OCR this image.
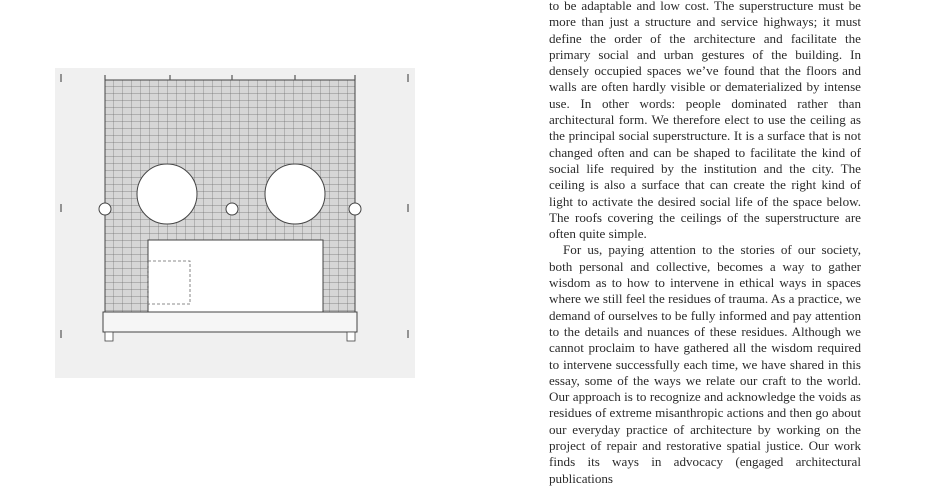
to be adaptable and low cost. The superstructure must be more than just a structure and service highways; it must define the order of the architecture and facilitate the primary social and urban gestures of the building. In densely occupied spaces we’ve found that the floors and walls are often hardly visible or dematerialized by intense use. In other words: people dominated rather than architectural form. We therefore elect to use the ceiling as the principal social superstructure. It is a surface that is not changed often and can be shaped to facilitate the kind of social life required by the institution and the city. The ceiling is also a surface that can create the right kind of light to activate the desired social life of the space below. The roofs covering the ceilings of the superstructure are often quite simple.

For us, paying attention to the stories of our society, both personal and collective, becomes a way to gather wisdom as to how to intervene in ethical ways in spaces where we still feel the residues of trauma. As a practice, we demand of ourselves to be fully informed and pay attention to the details and nuances of these residues. Although we cannot proclaim to have gathered all the wisdom required to intervene successfully each time, we have shared in this essay, some of the ways we relate our craft to the world. Our approach is to recognize and acknowledge the voids as residues of extreme misanthropic actions and then go about our everyday practice of architecture by working on the project of repair and restorative spatial justice. Our work finds its ways in advocacy (engaged architectural publications
